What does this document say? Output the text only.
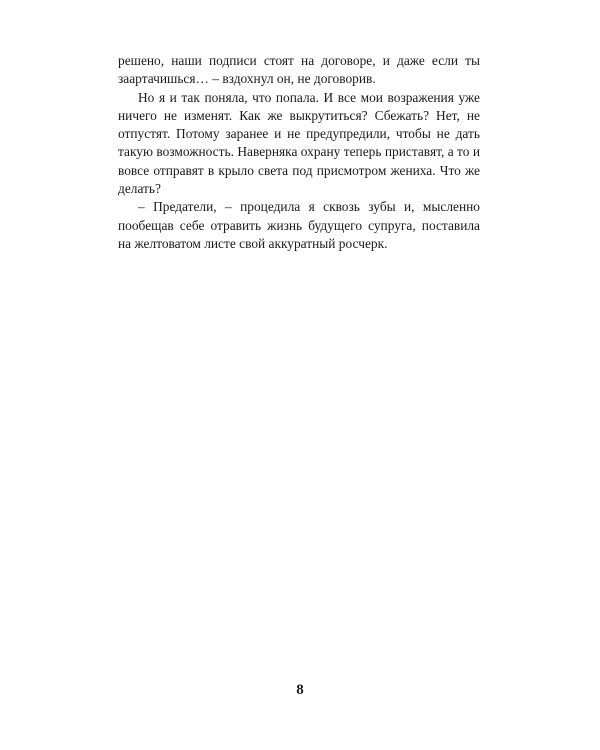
решено, наши подписи стоят на договоре, и даже если ты заартачишься… – вздохнул он, не договорив.

Но я и так поняла, что попала. И все мои возражения уже ничего не изменят. Как же выкрутиться? Сбежать? Нет, не отпустят. Потому заранее и не предупредили, чтобы не дать такую возможность. Наверняка охрану теперь приставят, а то и вовсе отправят в крыло света под присмотром жениха. Что же делать?

– Предатели, – процедила я сквозь зубы и, мысленно пообещав себе отравить жизнь будущего супруга, поставила на желтоватом листе свой аккуратный росчерк.

8
